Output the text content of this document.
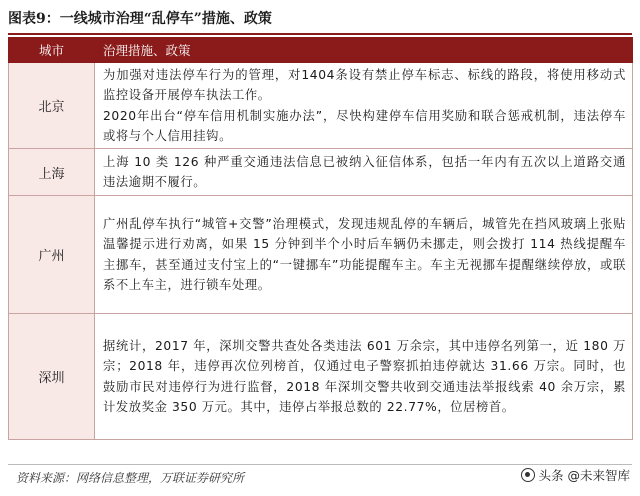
图表9：一线城市治理“乱停车”措施、政策
城市	治理措施、政策
北京	为加强对违法停车行为的管理，对1404条设有禁止停车标志、标线的路段，将使用移动式监控设备开展停车执法工作。

2020年出台“停车信用机制实施办法”，尽快构建停车信用奖励和联合惩戒机制，违法停车或将与个人信用挂钩。

上海	上海 10 类 126 种严重交通违法信息已被纳入征信体系，包括一年内有五次以上道路交通违法逾期不履行。

广州	广州乱停车执行“城管+交警”治理模式，发现违规乱停的车辆后，城管先在挡风玻璃上张贴温馨提示进行劝离，如果 15 分钟到半个小时后车辆仍未挪走，则会拨打 114 热线提醒车主挪车，甚至通过支付宝上的“一键挪车”功能提醒车主。车主无视挪车提醒继续停放，或联系不上车主，进行锁车处理。

深圳	据统计，2017 年，深圳交警共查处各类违法 601 万余宗，其中违停名列第一，近 180 万宗；2018 年，违停再次位列榜首，仅通过电子警察抓拍违停就达 31.66 万宗。同时，也鼓励市民对违停行为进行监督，2018 年深圳交警共收到交通违法举报线索 40 余万宗，累计发放奖金 350 万元。其中，违停占举报总数的 22.77%，位居榜首。

资料来源：网络信息整理，万联证券研究所	头条 @未来智库
